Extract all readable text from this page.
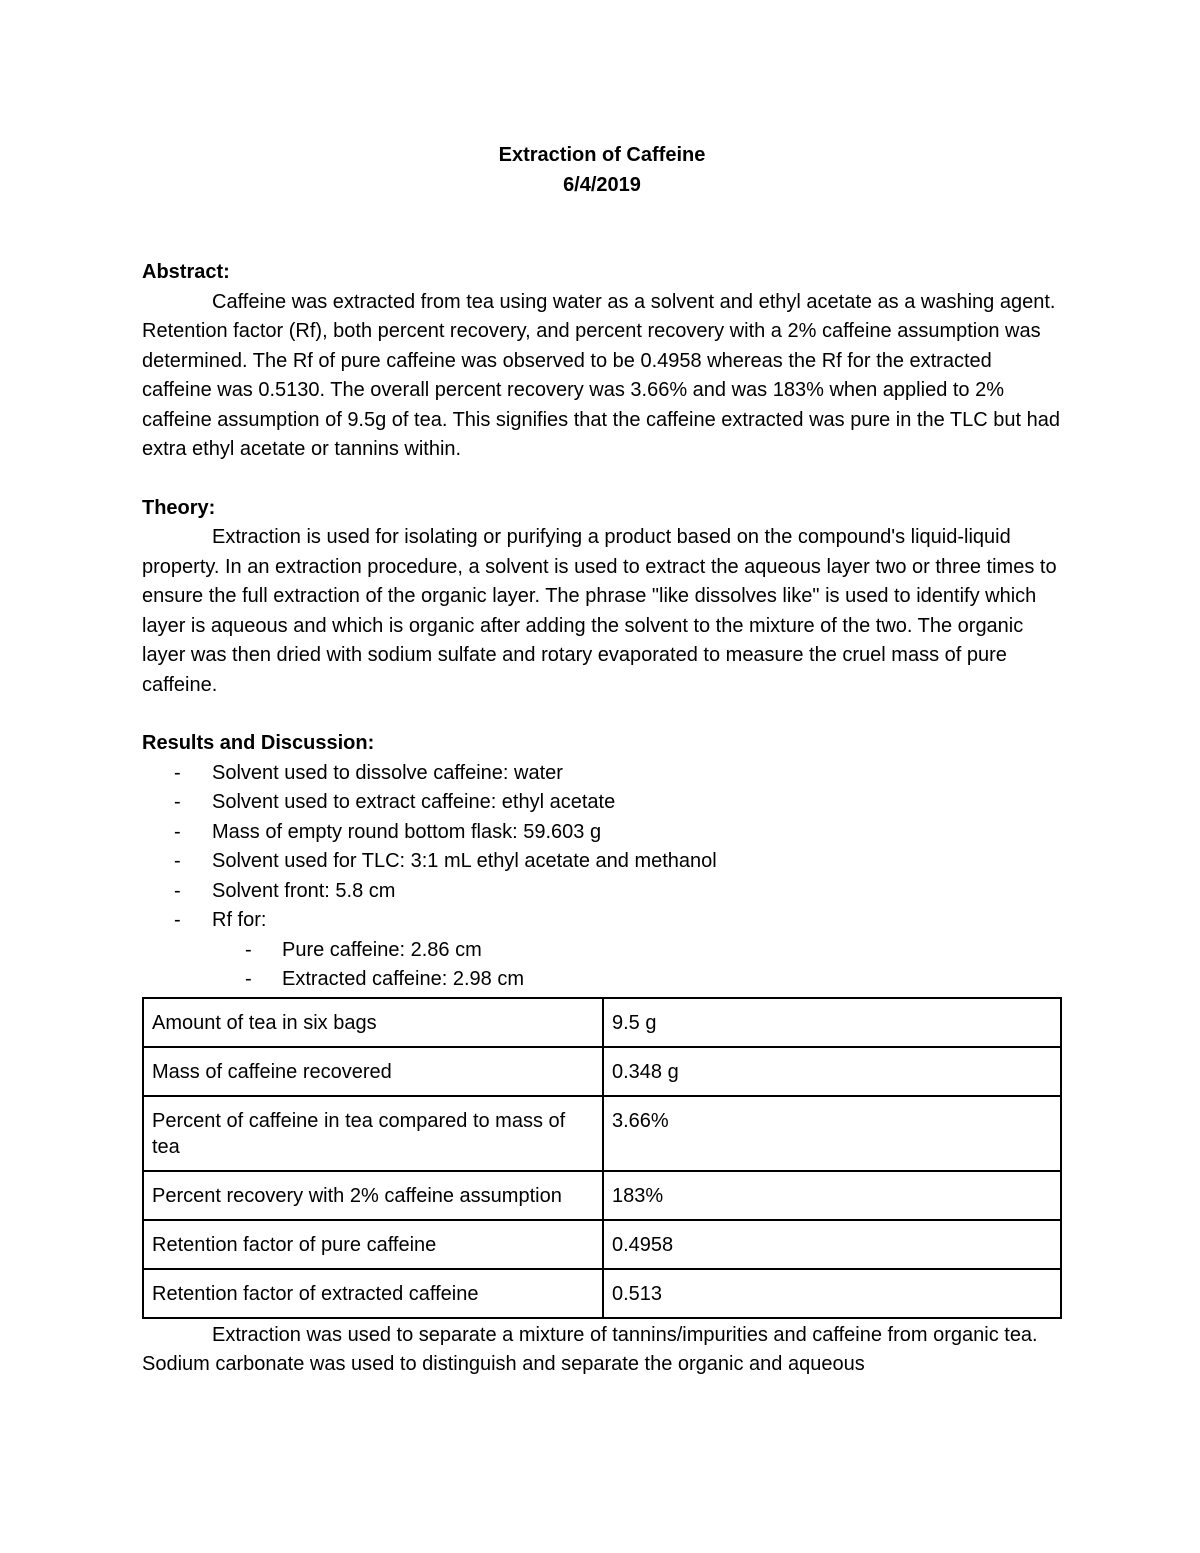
Extraction of Caffeine

6/4/2019

Abstract:

Caffeine was extracted from tea using water as a solvent and ethyl acetate as a washing agent. Retention factor (Rf), both percent recovery, and percent recovery with a 2% caffeine assumption was determined. The Rf of pure caffeine was observed to be 0.4958 whereas the Rf for the extracted caffeine was 0.5130. The overall percent recovery was 3.66% and was 183% when applied to 2% caffeine assumption of 9.5g of tea. This signifies that the caffeine extracted was pure in the TLC but had extra ethyl acetate or tannins within.

Theory:

Extraction is used for isolating or purifying a product based on the compound's liquid-liquid property. In an extraction procedure, a solvent is used to extract the aqueous layer two or three times to ensure the full extraction of the organic layer. The phrase "like dissolves like" is used to identify which layer is aqueous and which is organic after adding the solvent to the mixture of the two. The organic layer was then dried with sodium sulfate and rotary evaporated to measure the cruel mass of pure caffeine.

Results and Discussion:

- Solvent used to dissolve caffeine: water
- Solvent used to extract caffeine: ethyl acetate
- Mass of empty round bottom flask: 59.603 g
- Solvent used for TLC: 3:1 mL ethyl acetate and methanol
- Solvent front: 5.8 cm
- Rf for:
- Pure caffeine: 2.86 cm
- Extracted caffeine: 2.98 cm
Amount of tea in six bags	9.5 g
Mass of caffeine recovered	0.348 g
Percent of caffeine in tea compared to mass of tea	3.66%
Percent recovery with 2% caffeine assumption	183%
Retention factor of pure caffeine	0.4958
Retention factor of extracted caffeine	0.513

Extraction was used to separate a mixture of tannins/impurities and caffeine from organic tea. Sodium carbonate was used to distinguish and separate the organic and aqueous
